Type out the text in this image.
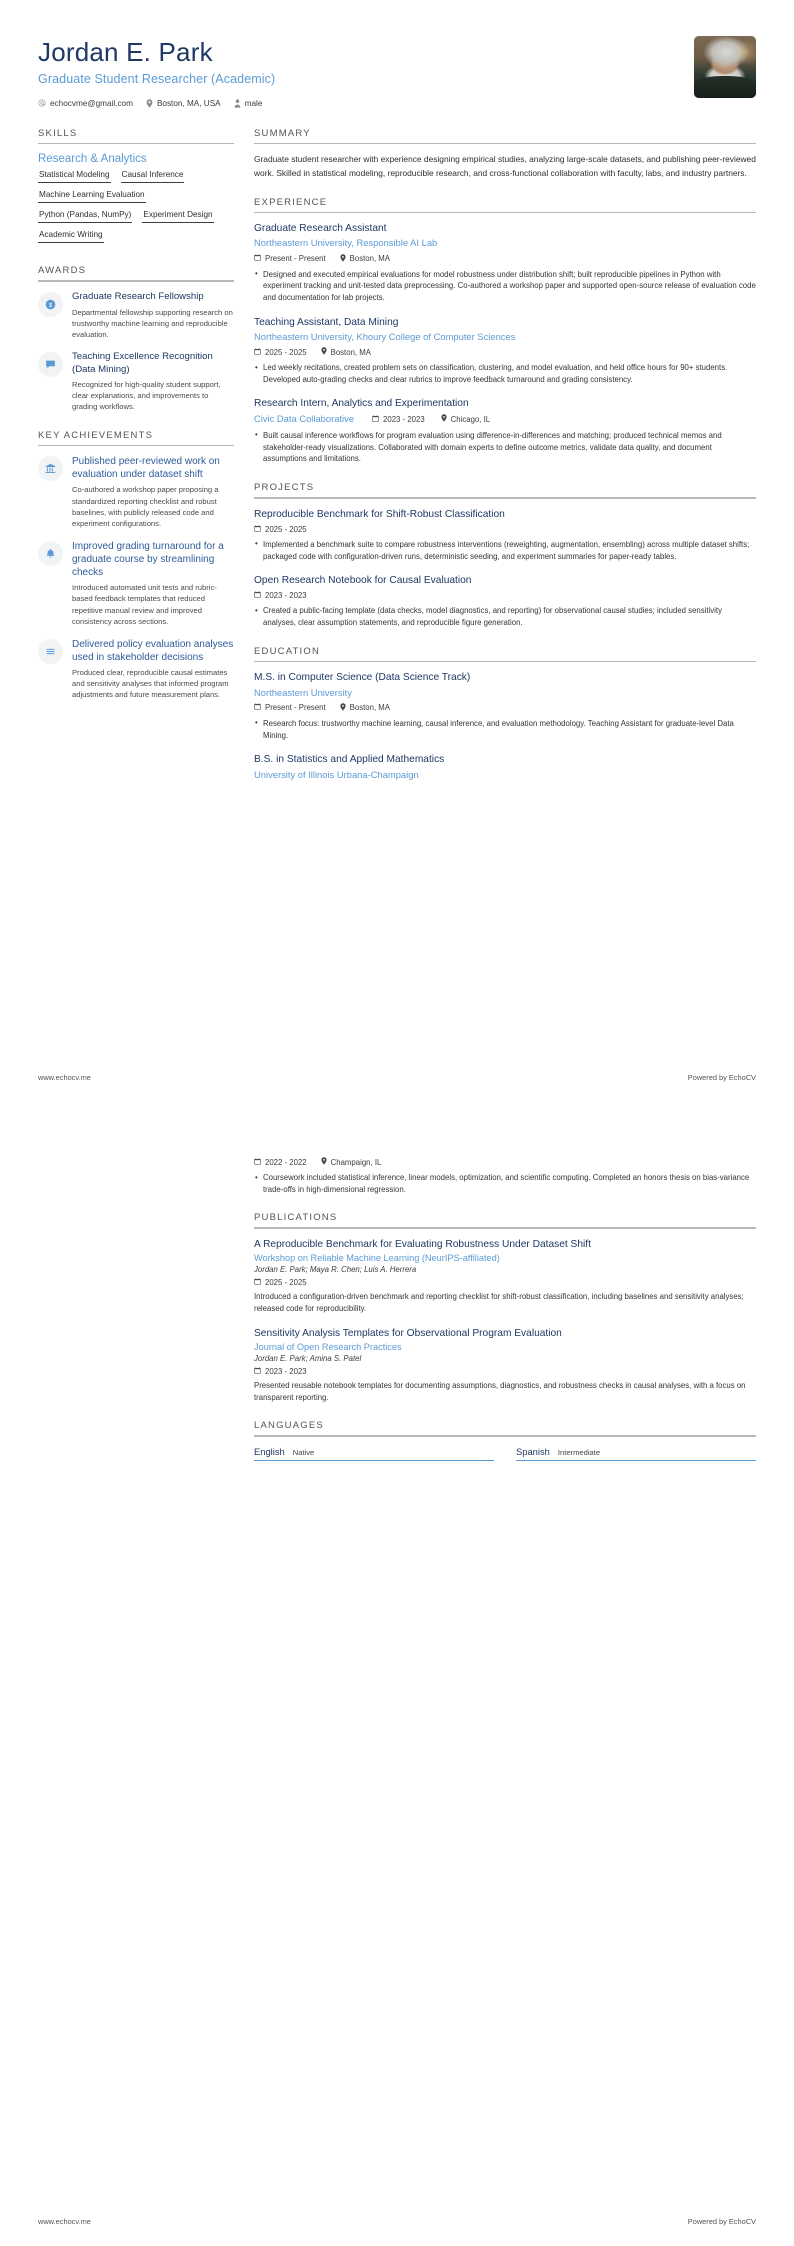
Jordan E. Park
Graduate Student Researcher (Academic)
echocvme@gmail.com	Boston, MA, USA	male
SKILLS
Research & Analytics
Statistical Modeling Causal Inference
Machine Learning Evaluation
Python (Pandas, NumPy) Experiment Design
Academic Writing
AWARDS
$
Graduate Research Fellowship
Departmental fellowship supporting research on trustworthy machine learning and reproducible evaluation.
Teaching Excellence Recognition (Data Mining)
Recognized for high-quality student support, clear explanations, and improvements to grading workflows.
KEY ACHIEVEMENTS
Published peer-reviewed work on evaluation under dataset shift
Co-authored a workshop paper proposing a standardized reporting checklist and robust baselines, with publicly released code and experiment configurations.
Improved grading turnaround for a graduate course by streamlining checks
Introduced automated unit tests and rubric-based feedback templates that reduced repetitive manual review and improved consistency across sections.
Delivered policy evaluation analyses used in stakeholder decisions
Produced clear, reproducible causal estimates and sensitivity analyses that informed program adjustments and future measurement plans.
SUMMARY
Graduate student researcher with experience designing empirical studies, analyzing large-scale datasets, and publishing peer-reviewed work. Skilled in statistical modeling, reproducible research, and cross-functional collaboration with faculty, labs, and industry partners.
EXPERIENCE
Graduate Research Assistant
Northeastern University, Responsible AI Lab
Present - Present	Boston, MA
• Designed and executed empirical evaluations for model robustness under distribution shift; built reproducible pipelines in Python with experiment tracking and unit-tested data preprocessing. Co-authored a workshop paper and supported open-source release of evaluation code and documentation for lab projects.
Teaching Assistant, Data Mining
Northeastern University, Khoury College of Computer Sciences
2025 - 2025	Boston, MA
• Led weekly recitations, created problem sets on classification, clustering, and model evaluation, and held office hours for 90+ students. Developed auto-grading checks and clear rubrics to improve feedback turnaround and grading consistency.
Research Intern, Analytics and Experimentation
Civic Data Collaborative	2023 - 2023	Chicago, IL
• Built causal inference workflows for program evaluation using difference-in-differences and matching; produced technical memos and stakeholder-ready visualizations. Collaborated with domain experts to define outcome metrics, validate data quality, and document assumptions and limitations.
PROJECTS
Reproducible Benchmark for Shift-Robust Classification
2025 - 2025
• Implemented a benchmark suite to compare robustness interventions (reweighting, augmentation, ensembling) across multiple dataset shifts; packaged code with configuration-driven runs, deterministic seeding, and experiment summaries for paper-ready tables.
Open Research Notebook for Causal Evaluation
2023 - 2023
• Created a public-facing template (data checks, model diagnostics, and reporting) for observational causal studies; included sensitivity analyses, clear assumption statements, and reproducible figure generation.
EDUCATION
M.S. in Computer Science (Data Science Track)
Northeastern University
Present - Present	Boston, MA
• Research focus: trustworthy machine learning, causal inference, and evaluation methodology. Teaching Assistant for graduate-level Data Mining.
B.S. in Statistics and Applied Mathematics
University of Illinois Urbana-Champaign
www.echocv.me	Powered by EchoCV
2022 - 2022	Champaign, IL
• Coursework included statistical inference, linear models, optimization, and scientific computing. Completed an honors thesis on bias-variance trade-offs in high-dimensional regression.
PUBLICATIONS
A Reproducible Benchmark for Evaluating Robustness Under Dataset Shift
Workshop on Reliable Machine Learning (NeurIPS-affiliated)
Jordan E. Park; Maya R. Chen; Luis A. Herrera
2025 - 2025
Introduced a configuration-driven benchmark and reporting checklist for shift-robust classification, including baselines and sensitivity analyses; released code for reproducibility.
Sensitivity Analysis Templates for Observational Program Evaluation
Journal of Open Research Practices
Jordan E. Park; Amina S. Patel
2023 - 2023
Presented reusable notebook templates for documenting assumptions, diagnostics, and robustness checks in causal analyses, with a focus on transparent reporting.
LANGUAGES
English Native	Spanish Intermediate
www.echocv.me	Powered by EchoCV
